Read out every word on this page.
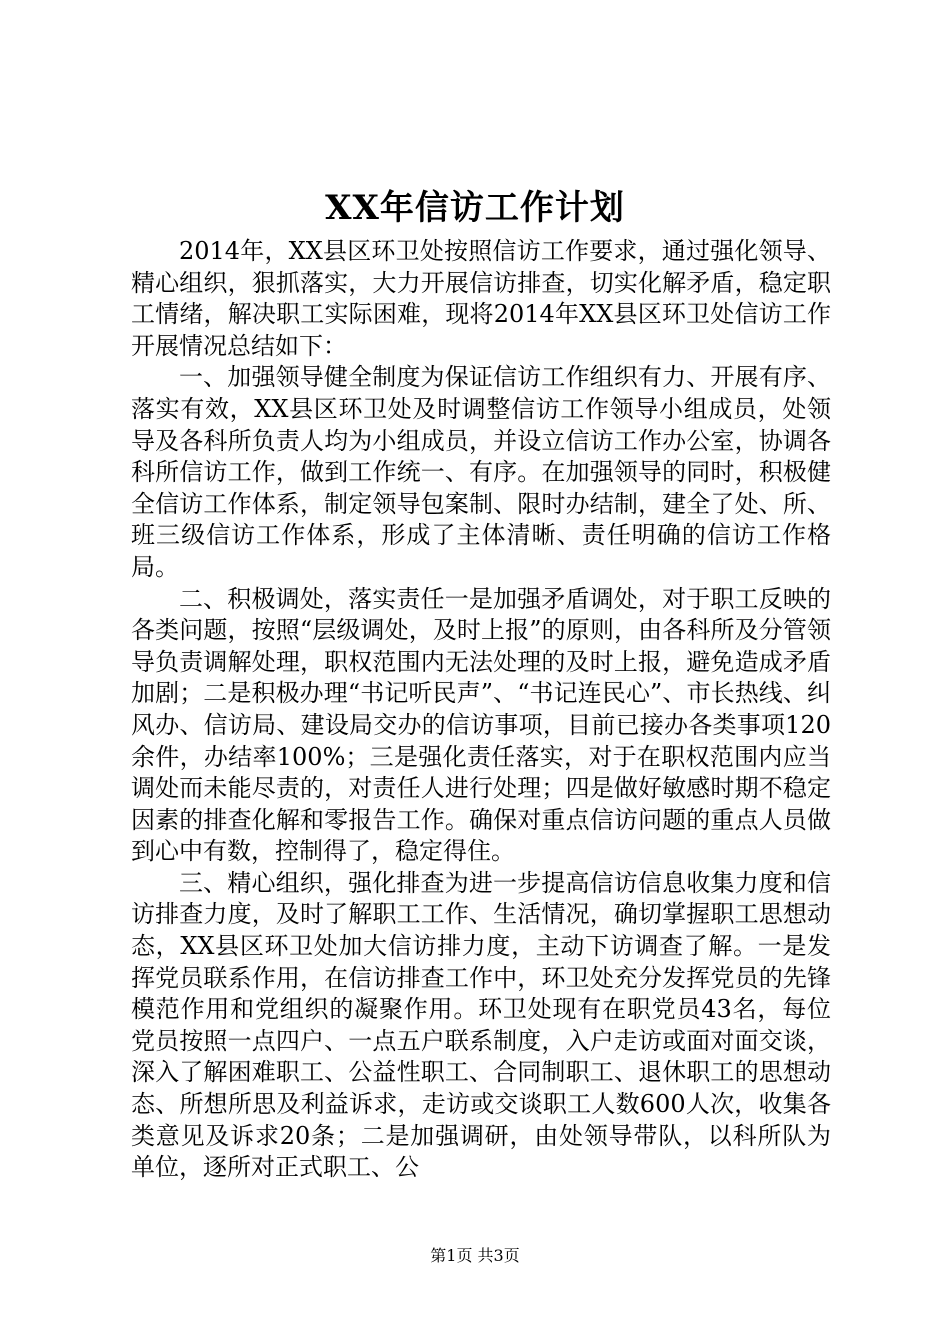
XX年信访工作计划

2014年，XX县区环卫处按照信访工作要求，通过强化领导、精心组织，狠抓落实，大力开展信访排查，切实化解矛盾，稳定职工情绪，解决职工实际困难，现将2014年XX县区环卫处信访工作开展情况总结如下：

一、加强领导健全制度为保证信访工作组织有力、开展有序、落实有效，XX县区环卫处及时调整信访工作领导小组成员，处领导及各科所负责人均为小组成员，并设立信访工作办公室，协调各科所信访工作，做到工作统一、有序。在加强领导的同时，积极健全信访工作体系，制定领导包案制、限时办结制，建全了处、所、班三级信访工作体系，形成了主体清晰、责任明确的信访工作格局。

二、积极调处，落实责任一是加强矛盾调处，对于职工反映的各类问题，按照“层级调处，及时上报”的原则，由各科所及分管领导负责调解处理，职权范围内无法处理的及时上报，避免造成矛盾加剧；二是积极办理“书记听民声”、“书记连民心”、市长热线、纠风办、信访局、建设局交办的信访事项，目前已接办各类事项120余件，办结率100%；三是强化责任落实，对于在职权范围内应当调处而未能尽责的，对责任人进行处理；四是做好敏感时期不稳定因素的排查化解和零报告工作。确保对重点信访问题的重点人员做到心中有数，控制得了，稳定得住。

三、精心组织，强化排查为进一步提高信访信息收集力度和信访排查力度，及时了解职工工作、生活情况，确切掌握职工思想动态，XX县区环卫处加大信访排力度，主动下访调查了解。一是发挥党员联系作用，在信访排查工作中，环卫处充分发挥党员的先锋模范作用和党组织的凝聚作用。环卫处现有在职党员43名，每位党员按照一点四户、一点五户联系制度，入户走访或面对面交谈，深入了解困难职工、公益性职工、合同制职工、退休职工的思想动态、所想所思及利益诉求，走访或交谈职工人数600人次，收集各类意见及诉求20条；二是加强调研，由处领导带队，以科所队为单位，逐所对正式职工、公

第1页 共3页
